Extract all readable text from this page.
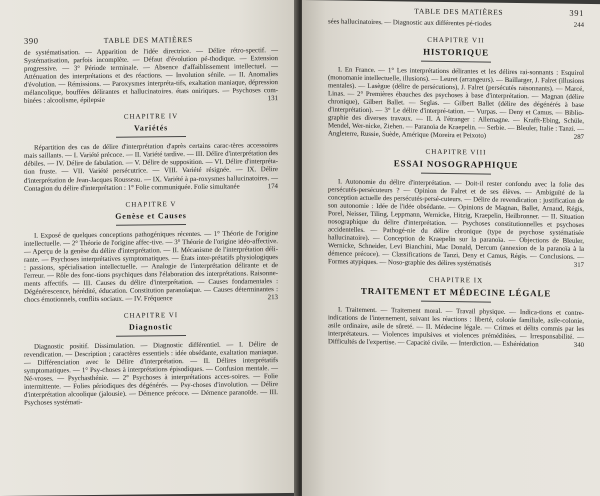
390	TABLE DES MATIÈRES

de systématisation. — Apparition de l'idée directrice. — Délire rétro-spectif. —Systématisation, parfois incomplète. — Défaut d'évolution pé-thodique. — Extension progressive. — 3° Période terminale. — Absence d'affaiblissement intellectuel. — Atténuation des interprétations et des réactions. — Involution sénile. — II. Anomalies d'évolution. — Rémissions. — Paroxysmes interpréta-tifs, exaltation maniaque, dépression mélancolique, bouffées délirantes et hallucinatoires. états oniriques. — Psychoses com-binées : alcoolisme, épilepsie	131

CHAPITRE IV
Variétés

Répartition des cas de délire d'interprétation d'après certains carac-tères accessoires mais saillants. — I. Variété précoce. — II. Variété tardive. — III. Délire d'interprétation des débiles. — IV. Délire de fabulation. — V. Délire de supposition. — VI. Délire d'interpréta-tion fruste. — VII. Variété persécutrice. — VIII. Variété résignée. — IX. Délire d'interprétation de Jean-Jacques Rousseau. — IX. Variété à pa-roxysmes hallucinatoires. — Contagion du délire d'interprétation : 1° Folie communiquée. Folie simultanée	174

CHAPITRE V
Genèse et Causes

I. Exposé de quelques conceptions pathogéniques récentes. — 1° Théorie de l'origine intellectuelle. — 2° Théorie de l'origine affec-tive. — 3° Théorie de l'origine idéo-affective. — Aperçu de la genèse du délire d'interprétation. — II. Mécanisme de l'interprétation déli-rante. — Psychoses interprétatives symptomatiques. — États inter-prétatifs physiologiques : passions, spécialisation intellectuelle. — Analogie de l'interprétation délirante et de l'erreur. — Rôle des fonc-tions psychiques dans l'élaboration des interprétations. Raisonne-ments affectifs. — III. Causes du délire d'interprétation. — Causes fondamentales : Dégénérescence, hérédité, éducation. Constitution paranoïaque. — Causes déterminantes : chocs émotionnels, conflits sociaux. — IV. Fréquence	213

CHAPITRE VI
Diagnostic

Diagnostic positif. Dissimulation. — Diagnostic différentiel. — I. Délire de revendication. — Description ; caractères essentiels : idée obsédante, exaltation maniaque. — Différenciation avec le Délire d'interprétation. — II. Délires interprétatifs symptomatiques. — 1° Psy-choses à interprétations épisodiques. — Confusion mentale. — Né-vroses. — Psychasthénie. — 2° Psychoses à interprétations acces-soires. — Folie intermittente. — Folies périodiques des dégénérés. — Psy-choses d'involution. — Délire d'interprétation alcoolique (jalousie). — Démence précoce. — Démence paranoïde. — III. Psychoses systémati-

TABLE DES MATIÈRES	391

sées hallucinatoires. — Diagnostic aux différentes pé-riodes	244

CHAPITRE VII
HISTORIQUE

I. En France. — 1° Les interprétations délirantes et les délires rai-sonnants : Esquirol (monomanie intellectuelle, illusions). — Leuret (arrangeurs). — Baillarger, J. Falret (illusions mentales). — Lasègue (délire de persécutions), J. Falret (persécutés raisonnants). — Marcé, Linas. — 2° Premières ébauches des psychoses à base d'interprétation. — Magnan (délire chronique), Gilbert Ballet. — Seglas. — Gilbert Ballet (délire des dégénérés à base d'interprétation). — 3° Le délire d'interpré-tation. — Vurpas. — Deny et Camus. — Biblio-graphie des diverses travaux. — II. A l'étranger : Allemagne. — Krafft-Ebing, Schüle, Mendel, Wer-nicke, Ziehen. — Paranoïa de Kraepelin. — Serbie. — Bleuler, Italie : Tanzi. — Angleterre, Russie, Suède, Amérique (Moreira et Peixoto)	287

CHAPITRE VIII
ESSAI NOSOGRAPHIQUE

I. Autonomie du délire d'interprétation. — Doit-il rester confondu avec la folie des persécutés-persécuteurs ? — Opinion de Falret et de ses élèves. — Ambiguïté de la conception actuelle des persécutés-persé-cuteurs. — Délire de revendication : justification de son autonomie : Idée de l'idée obsédante. — Opinions de Magnan, Ballet, Arnaud, Régis, Porel, Neisser, Tiling, Leppmann, Wernicke, Hitzig, Kraepelin, Heilbronner. — II. Situation nosographique du délire d'interprétation. — Psychoses constitutionnelles et psychoses accidentelles. — Pathogé-nie du délire chronique (type de psychose systématisée hallucinatoire). — Conception de Kraepelin sur la paranoïa. — Objections de Bleuler, Wernicke, Schneider, Levi Bianchini, Mac Donald, Dercum (annexion de la paranoïa à la démence précoce). — Classifications de Tanzi, Deny et Camus, Régis. — Conclusions. — Formes atypiques. — Noso-graphie des délires systématisés	317

CHAPITRE IX
TRAITEMENT ET MÉDECINE LÉGALE

I. Traitement. — Traitement moral. — Travail physique. — Indica-tions et contre-indications de l'internement, suivant les réactions : liberté, colonie familiale, asile-colonie, asile ordinaire, asile de sûreté. — II. Médecine légale. — Crimes et délits commis par les interprétateurs. — Violences impulsives et violences préméditées. — Irresponsabilité. — Difficultés de l'expertise. — Capacité civile. — Interdiction. — Exhérédation	340
